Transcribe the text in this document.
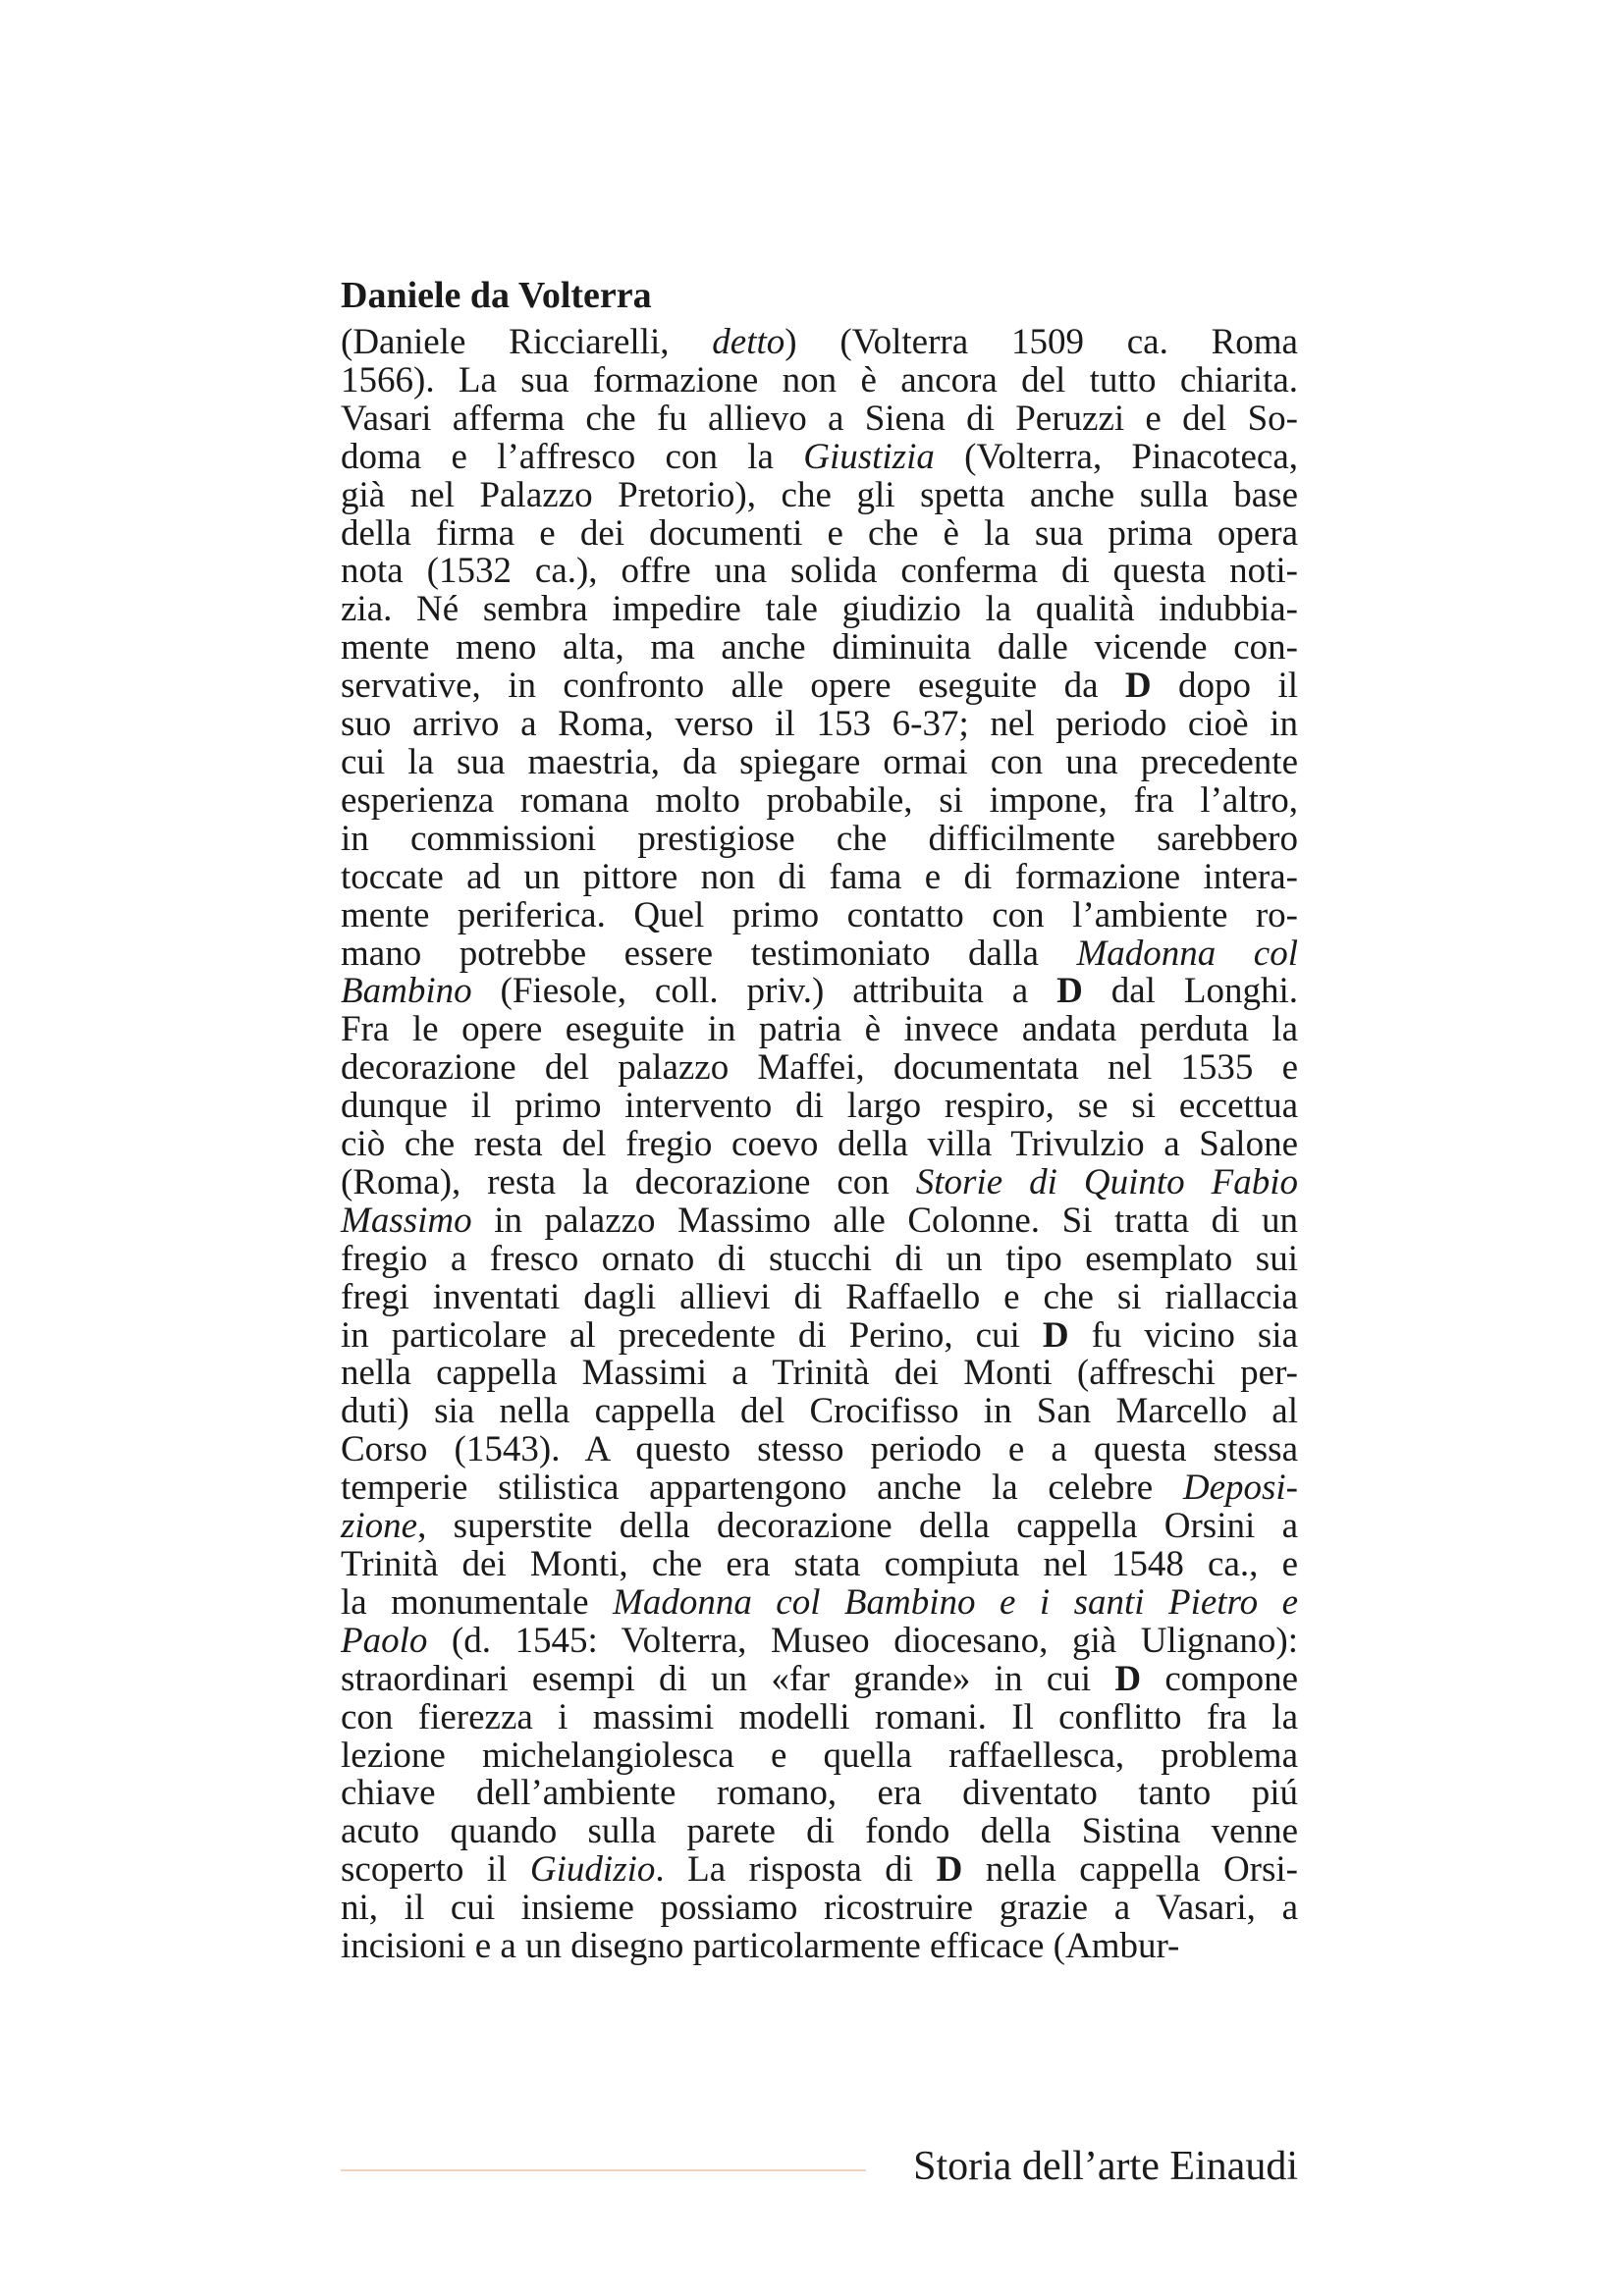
Daniele da Volterra
(Daniele Ricciarelli, detto) (Volterra 1509 ca. Roma
1566). La sua formazione non è ancora del tutto chiarita.
Vasari afferma che fu allievo a Siena di Peruzzi e del So-
doma e l’affresco con la Giustizia (Volterra, Pinacoteca,
già nel Palazzo Pretorio), che gli spetta anche sulla base
della firma e dei documenti e che è la sua prima opera
nota (1532 ca.), offre una solida conferma di questa noti-
zia. Né sembra impedire tale giudizio la qualità indubbia-
mente meno alta, ma anche diminuita dalle vicende con-
servative, in confronto alle opere eseguite da D dopo il
suo arrivo a Roma, verso il 153 6-37; nel periodo cioè in
cui la sua maestria, da spiegare ormai con una precedente
esperienza romana molto probabile, si impone, fra l’altro,
in commissioni prestigiose che difficilmente sarebbero
toccate ad un pittore non di fama e di formazione intera-
mente periferica. Quel primo contatto con l’ambiente ro-
mano potrebbe essere testimoniato dalla Madonna col
Bambino (Fiesole, coll. priv.) attribuita a D dal Longhi.
Fra le opere eseguite in patria è invece andata perduta la
decorazione del palazzo Maffei, documentata nel 1535 e
dunque il primo intervento di largo respiro, se si eccettua
ciò che resta del fregio coevo della villa Trivulzio a Salone
(Roma), resta la decorazione con Storie di Quinto Fabio
Massimo in palazzo Massimo alle Colonne. Si tratta di un
fregio a fresco ornato di stucchi di un tipo esemplato sui
fregi inventati dagli allievi di Raffaello e che si riallaccia
in particolare al precedente di Perino, cui D fu vicino sia
nella cappella Massimi a Trinità dei Monti (affreschi per-
duti) sia nella cappella del Crocifisso in San Marcello al
Corso (1543). A questo stesso periodo e a questa stessa
temperie stilistica appartengono anche la celebre Deposi-
zione, superstite della decorazione della cappella Orsini a
Trinità dei Monti, che era stata compiuta nel 1548 ca., e
la monumentale Madonna col Bambino e i santi Pietro e
Paolo (d. 1545: Volterra, Museo diocesano, già Ulignano):
straordinari esempi di un «far grande» in cui D compone
con fierezza i massimi modelli romani. Il conflitto fra la
lezione michelangiolesca e quella raffaellesca, problema
chiave dell’ambiente romano, era diventato tanto piú
acuto quando sulla parete di fondo della Sistina venne
scoperto il Giudizio. La risposta di D nella cappella Orsi-
ni, il cui insieme possiamo ricostruire grazie a Vasari, a
incisioni e a un disegno particolarmente efficace (Ambur-

Storia dell’arte Einaudi
